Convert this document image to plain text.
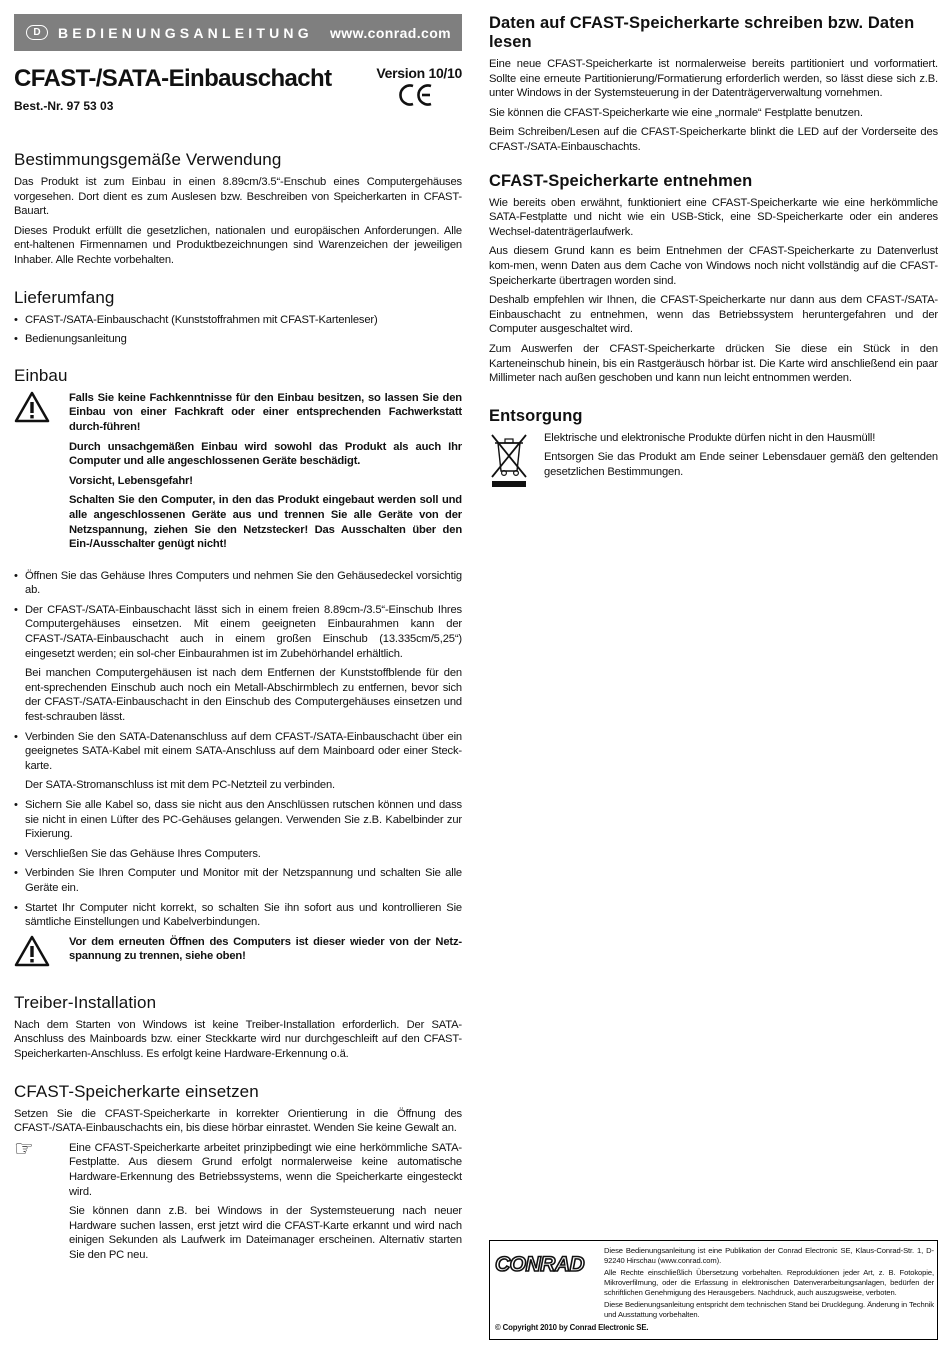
D	BEDIENUNGSANLEITUNG www.conrad.com
CFAST-/SATA-Einbauschacht
Best.-Nr. 97 53 03
Version 10/10
Bestimmungsgemäße Verwendung

Das Produkt ist zum Einbau in einen 8.89cm/3.5“-Enschub eines Computergehäuses vorgesehen. Dort dient es zum Auslesen bzw. Beschreiben von Speicherkarten in CFAST-Bauart.

Dieses Produkt erfüllt die gesetzlichen, nationalen und europäischen Anforderungen. Alle ent-haltenen Firmennamen und Produktbezeichnungen sind Warenzeichen der jeweiligen Inhaber. Alle Rechte vorbehalten.

Lieferumfang
• CFAST-/SATA-Einbauschacht (Kunststoffrahmen mit CFAST-Kartenleser)
• Bedienungsanleitung
Einbau

Falls Sie keine Fachkenntnisse für den Einbau besitzen, so lassen Sie den Einbau von einer Fachkraft oder einer entsprechenden Fachwerkstatt durch-führen!

Durch unsachgemäßen Einbau wird sowohl das Produkt als auch Ihr Computer und alle angeschlossenen Geräte beschädigt.

Vorsicht, Lebensgefahr!

Schalten Sie den Computer, in den das Produkt eingebaut werden soll und alle angeschlossenen Geräte aus und trennen Sie alle Geräte von der Netzspannung, ziehen Sie den Netzstecker! Das Ausschalten über den Ein-/Ausschalter genügt nicht!

• Öffnen Sie das Gehäuse Ihres Computers und nehmen Sie den Gehäusedeckel vorsichtig ab.
• Der CFAST-/SATA-Einbauschacht lässt sich in einem freien 8.89cm-/3.5“-Einschub Ihres Computergehäuses einsetzen. Mit einem geeigneten Einbaurahmen kann der CFAST-/SATA-Einbauschacht auch in einem großen Einschub (13.335cm/5,25“) eingesetzt werden; ein sol-cher Einbaurahmen ist im Zubehörhandel erhältlich.

Bei manchen Computergehäusen ist nach dem Entfernen der Kunststoffblende für den ent-sprechenden Einschub auch noch ein Metall-Abschirmblech zu entfernen, bevor sich der CFAST-/SATA-Einbauschacht in den Einschub des Computergehäuses einsetzen und fest-schrauben lässt.

• Verbinden Sie den SATA-Datenanschluss auf dem CFAST-/SATA-Einbauschacht über ein geeignetes SATA-Kabel mit einem SATA-Anschluss auf dem Mainboard oder einer Steck-karte.

Der SATA-Stromanschluss ist mit dem PC-Netzteil zu verbinden.

• Sichern Sie alle Kabel so, dass sie nicht aus den Anschlüssen rutschen können und dass sie nicht in einen Lüfter des PC-Gehäuses gelangen. Verwenden Sie z.B. Kabelbinder zur Fixierung.
• Verschließen Sie das Gehäuse Ihres Computers.
• Verbinden Sie Ihren Computer und Monitor mit der Netzspannung und schalten Sie alle Geräte ein.
• Startet Ihr Computer nicht korrekt, so schalten Sie ihn sofort aus und kontrollieren Sie sämtliche Einstellungen und Kabelverbindungen.

Vor dem erneuten Öffnen des Computers ist dieser wieder von der Netz-spannung zu trennen, siehe oben!

Treiber-Installation

Nach dem Starten von Windows ist keine Treiber-Installation erforderlich. Der SATA-Anschluss des Mainboards bzw. einer Steckkarte wird nur durchgeschleift auf den CFAST-Speicherkarten-Anschluss. Es erfolgt keine Hardware-Erkennung o.ä.

CFAST-Speicherkarte einsetzen

Setzen Sie die CFAST-Speicherkarte in korrekter Orientierung in die Öffnung des CFAST-/SATA-Einbauschachts ein, bis diese hörbar einrastet. Wenden Sie keine Gewalt an.

☞	Eine CFAST-Speicherkarte arbeitet prinzipbedingt wie eine herkömmliche SATA-Festplatte. Aus diesem Grund erfolgt normalerweise keine automatische Hardware-Erkennung des Betriebssystems, wenn die Speicherkarte eingesteckt wird.

Sie können dann z.B. bei Windows in der Systemsteuerung nach neuer Hardware suchen lassen, erst jetzt wird die CFAST-Karte erkannt und wird nach einigen Sekunden als Laufwerk im Dateimanager erscheinen. Alternativ starten Sie den PC neu.

Daten auf CFAST-Speicherkarte schreiben bzw. Daten lesen

Eine neue CFAST-Speicherkarte ist normalerweise bereits partitioniert und vorformatiert. Sollte eine erneute Partitionierung/Formatierung erforderlich werden, so lässt diese sich z.B. unter Windows in der Systemsteuerung in der Datenträgerverwaltung vornehmen.

Sie können die CFAST-Speicherkarte wie eine „normale“ Festplatte benutzen.

Beim Schreiben/Lesen auf die CFAST-Speicherkarte blinkt die LED auf der Vorderseite des CFAST-/SATA-Einbauschachts.

CFAST-Speicherkarte entnehmen

Wie bereits oben erwähnt, funktioniert eine CFAST-Speicherkarte wie eine herkömmliche SATA-Festplatte und nicht wie ein USB-Stick, eine SD-Speicherkarte oder ein anderes Wechsel-datenträgerlaufwerk.

Aus diesem Grund kann es beim Entnehmen der CFAST-Speicherkarte zu Datenverlust kom-men, wenn Daten aus dem Cache von Windows noch nicht vollständig auf die CFAST-Speicherkarte übertragen worden sind.

Deshalb empfehlen wir Ihnen, die CFAST-Speicherkarte nur dann aus dem CFAST-/SATA-Einbauschacht zu entnehmen, wenn das Betriebssystem heruntergefahren und der Computer ausgeschaltet wird.

Zum Auswerfen der CFAST-Speicherkarte drücken Sie diese ein Stück in den Karteneinschub hinein, bis ein Rastgeräusch hörbar ist. Die Karte wird anschließend ein paar Millimeter nach außen geschoben und kann nun leicht entnommen werden.

Entsorgung

Elektrische und elektronische Produkte dürfen nicht in den Hausmüll!

Entsorgen Sie das Produkt am Ende seiner Lebensdauer gemäß den geltenden gesetzlichen Bestimmungen.

CONRAD

Diese Bedienungsanleitung ist eine Publikation der Conrad Electronic SE, Klaus-Conrad-Str. 1, D-92240 Hirschau (www.conrad.com).

Alle Rechte einschließlich Übersetzung vorbehalten. Reproduktionen jeder Art, z. B. Fotokopie, Mikroverfilmung, oder die Erfassung in elektronischen Datenverarbeitungsanlagen, bedürfen der schriftlichen Genehmigung des Herausgebers. Nachdruck, auch auszugsweise, verboten.

Diese Bedienungsanleitung entspricht dem technischen Stand bei Drucklegung. Änderung in Technik und Ausstattung vorbehalten.

© Copyright 2010 by Conrad Electronic SE.
